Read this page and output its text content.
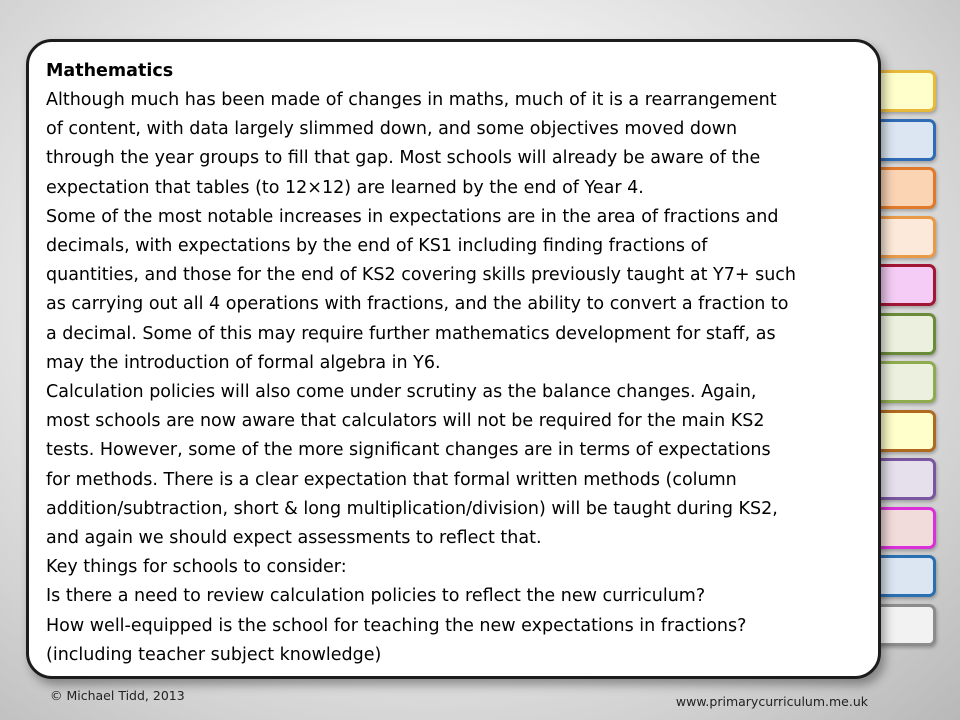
Mathematics

Although much has been made of changes in maths, much of it is a rearrangement

of content, with data largely slimmed down, and some objectives moved down

through the year groups to fill that gap. Most schools will already be aware of the

expectation that tables (to 12×12) are learned by the end of Year 4.

Some of the most notable increases in expectations are in the area of fractions and

decimals, with expectations by the end of KS1 including finding fractions of

quantities, and those for the end of KS2 covering skills previously taught at Y7+ such

as carrying out all 4 operations with fractions, and the ability to convert a fraction to

a decimal. Some of this may require further mathematics development for staff, as

may the introduction of formal algebra in Y6.

Calculation policies will also come under scrutiny as the balance changes. Again,

most schools are now aware that calculators will not be required for the main KS2

tests. However, some of the more significant changes are in terms of expectations

for methods. There is a clear expectation that formal written methods (column

addition/subtraction, short & long multiplication/division) will be taught during KS2,

and again we should expect assessments to reflect that.

Key things for schools to consider:

Is there a need to review calculation policies to reflect the new curriculum?

How well-equipped is the school for teaching the new expectations in fractions?

(including teacher subject knowledge)

© Michael Tidd, 2013	www.primarycurriculum.me.uk
